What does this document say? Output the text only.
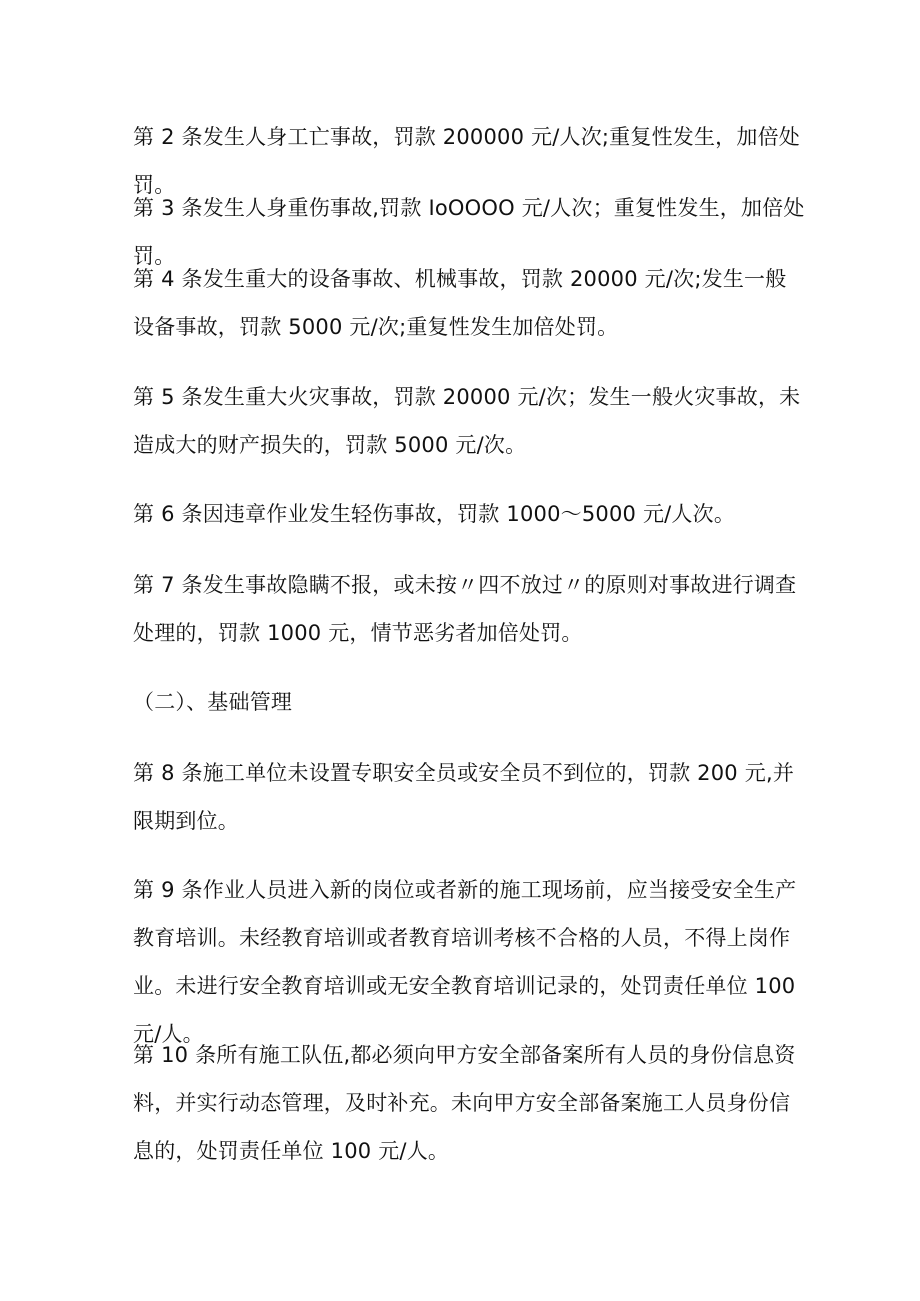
第 2 条发生人身工亡事故，罚款 200000 元/人次;重复性发生，加倍处罚。

第 3 条发生人身重伤事故,罚款 IoOOOO 元/人次；重复性发生，加倍处罚。

第 4 条发生重大的设备事故、机械事故，罚款 20000 元/次;发生一般设备事故，罚款 5000 元/次;重复性发生加倍处罚。

第 5 条发生重大火灾事故，罚款 20000 元/次；发生一般火灾事故，未造成大的财产损失的，罚款 5000 元/次。

第 6 条因违章作业发生轻伤事故，罚款 1000～5000 元/人次。

第 7 条发生事故隐瞒不报，或未按〃四不放过〃的原则对事故进行调查处理的，罚款 1000 元，情节恶劣者加倍处罚。

（二）、基础管理

第 8 条施工单位未设置专职安全员或安全员不到位的，罚款 200 元,并限期到位。

第 9 条作业人员进入新的岗位或者新的施工现场前，应当接受安全生产教育培训。未经教育培训或者教育培训考核不合格的人员，不得上岗作业。未进行安全教育培训或无安全教育培训记录的，处罚责任单位 100 元/人。

第 10 条所有施工队伍,都必须向甲方安全部备案所有人员的身份信息资料，并实行动态管理，及时补充。未向甲方安全部备案施工人员身份信息的，处罚责任单位 100 元/人。
